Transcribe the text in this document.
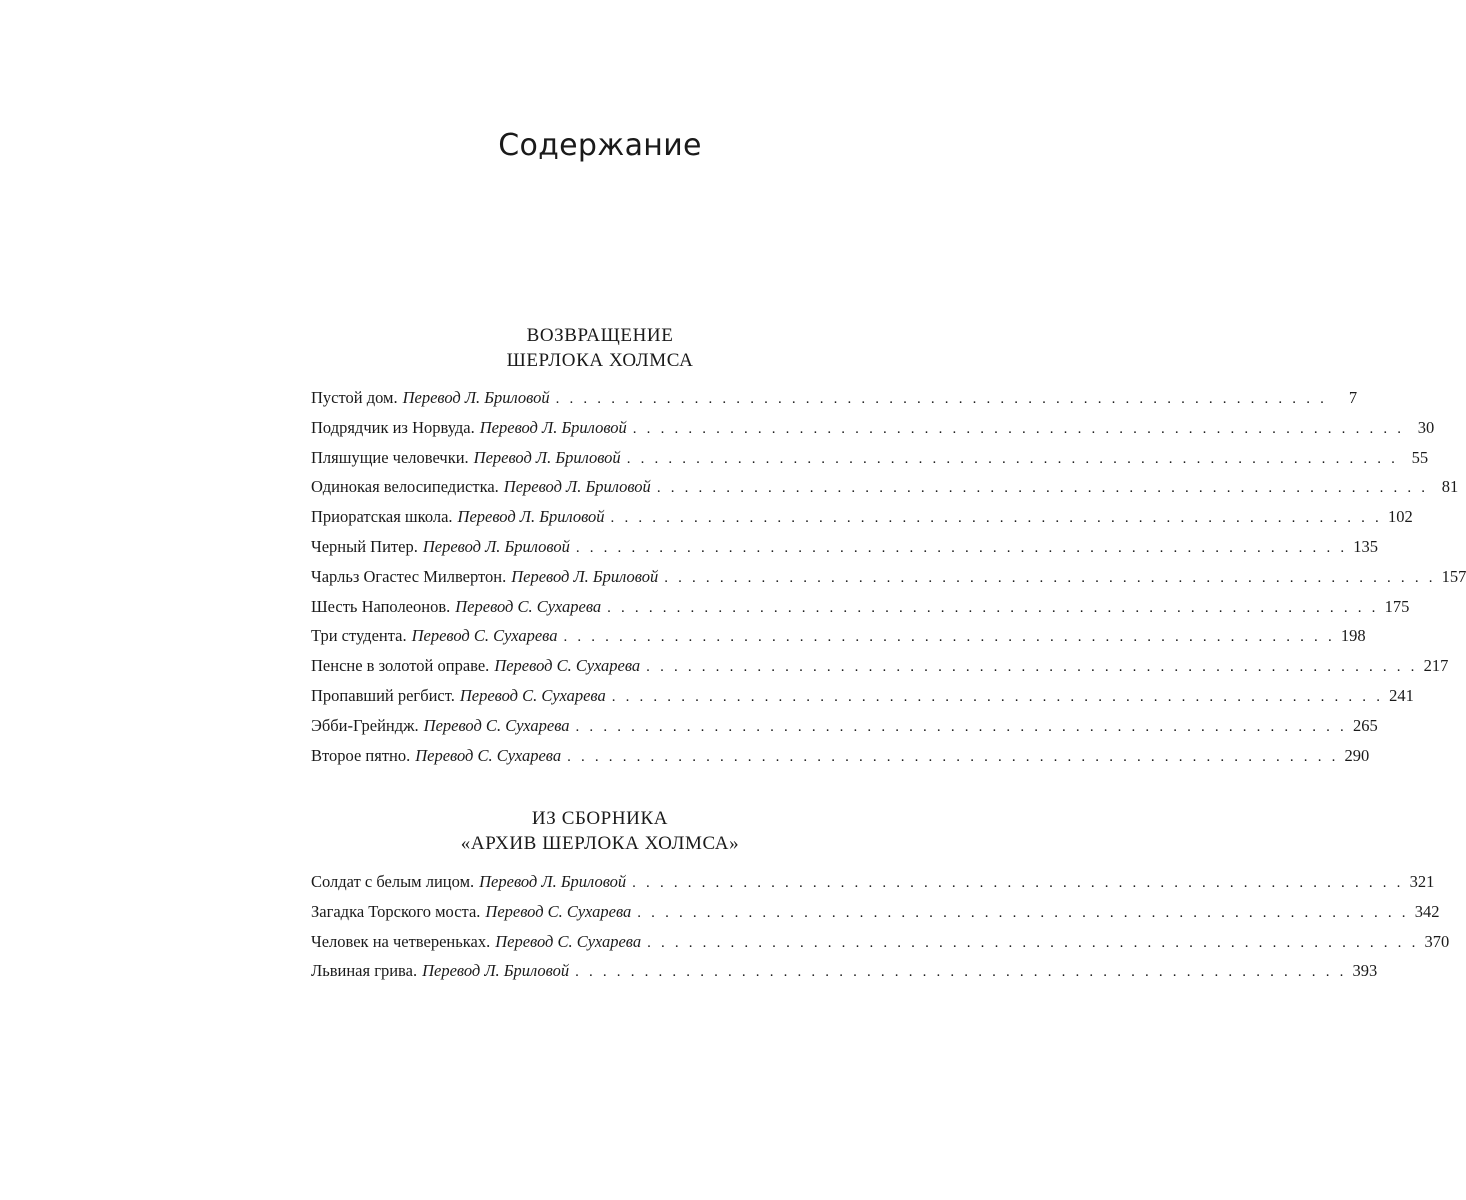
Содержание
ВОЗВРАЩЕНИЕ
ШЕРЛОКА ХОЛМСА
Пустой дом. Перевод Л. Бриловой . . . . . . . . . . . . . . . . . . . . . . . . . . . . . . . . . . . . . . . . . . . . . . . . . . . . . . . .	7
Подрядчик из Норвуда. Перевод Л. Бриловой . . . . . . . . . . . . . . . . . . . . . . . . . . . . . . . . . . . . . . . . . . . . . . . . . . . . . . . . 30
Пляшущие человечки. Перевод Л. Бриловой . . . . . . . . . . . . . . . . . . . . . . . . . . . . . . . . . . . . . . . . . . . . . . . . . . . . . . . . 55
Одинокая велосипедистка. Перевод Л. Бриловой . . . . . . . . . . . . . . . . . . . . . . . . . . . . . . . . . . . . . . . . . . . . . . . . . . . . . . . . 81
Приоратская школа. Перевод Л. Бриловой . . . . . . . . . . . . . . . . . . . . . . . . . . . . . . . . . . . . . . . . . . . . . . . . . . . . . . . . 102
Черный Питер. Перевод Л. Бриловой . . . . . . . . . . . . . . . . . . . . . . . . . . . . . . . . . . . . . . . . . . . . . . . . . . . . . . . . 135
Чарльз Огастес Милвертон. Перевод Л. Бриловой . . . . . . . . . . . . . . . . . . . . . . . . . . . . . . . . . . . . . . . . . . . . . . . . . . . . . . . . 157
Шесть Наполеонов. Перевод С. Сухарева . . . . . . . . . . . . . . . . . . . . . . . . . . . . . . . . . . . . . . . . . . . . . . . . . . . . . . . . 175
Три студента. Перевод С. Сухарева . . . . . . . . . . . . . . . . . . . . . . . . . . . . . . . . . . . . . . . . . . . . . . . . . . . . . . . . 198
Пенсне в золотой оправе. Перевод С. Сухарева . . . . . . . . . . . . . . . . . . . . . . . . . . . . . . . . . . . . . . . . . . . . . . . . . . . . . . . . 217
Пропавший регбист. Перевод С. Сухарева . . . . . . . . . . . . . . . . . . . . . . . . . . . . . . . . . . . . . . . . . . . . . . . . . . . . . . . . 241
Эбби-Грейндж. Перевод С. Сухарева . . . . . . . . . . . . . . . . . . . . . . . . . . . . . . . . . . . . . . . . . . . . . . . . . . . . . . . . 265
Второе пятно. Перевод С. Сухарева . . . . . . . . . . . . . . . . . . . . . . . . . . . . . . . . . . . . . . . . . . . . . . . . . . . . . . . . 290
ИЗ СБОРНИКА
«АРХИВ ШЕРЛОКА ХОЛМСА»
Солдат с белым лицом. Перевод Л. Бриловой . . . . . . . . . . . . . . . . . . . . . . . . . . . . . . . . . . . . . . . . . . . . . . . . . . . . . . . . 321
Загадка Торского моста. Перевод С. Сухарева . . . . . . . . . . . . . . . . . . . . . . . . . . . . . . . . . . . . . . . . . . . . . . . . . . . . . . . . 342
Человек на четвереньках. Перевод С. Сухарева . . . . . . . . . . . . . . . . . . . . . . . . . . . . . . . . . . . . . . . . . . . . . . . . . . . . . . . . 370
Львиная грива. Перевод Л. Бриловой . . . . . . . . . . . . . . . . . . . . . . . . . . . . . . . . . . . . . . . . . . . . . . . . . . . . . . . . 393
